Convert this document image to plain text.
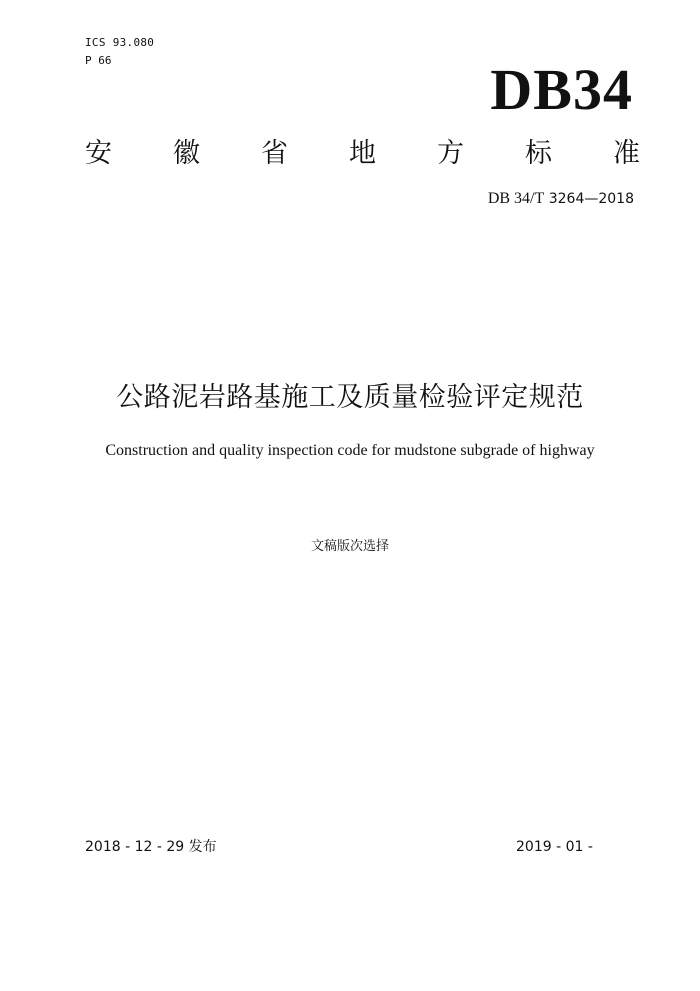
ICS 93.080
P 66	DB34
安 徽 省 地 方 标 准
DB 34/T 3264—2018
公路泥岩路基施工及质量检验评定规范
Construction and quality inspection code for mudstone subgrade of highway
文稿版次选择
2018 - 12 - 29 发布	2019 - 01 -
